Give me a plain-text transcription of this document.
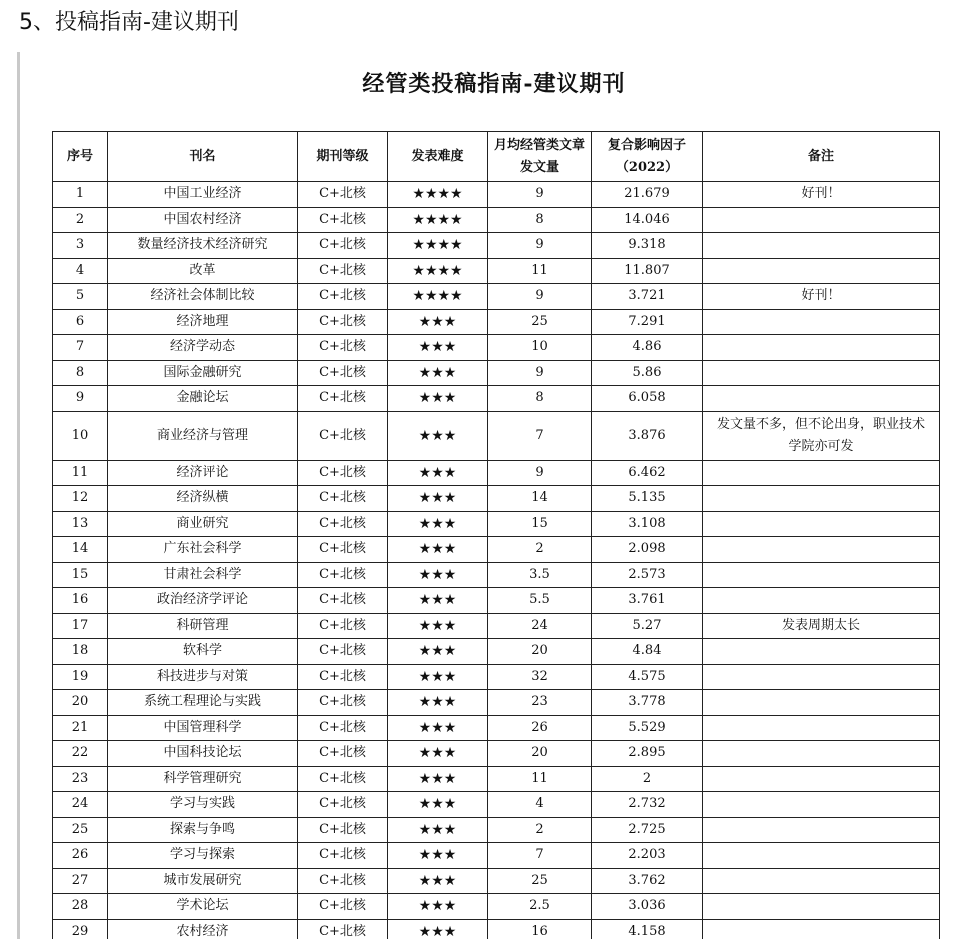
5、投稿指南-建议期刊
经管类投稿指南-建议期刊
序号	刊名	期刊等级	发表难度	月均经管类文章发文量	复合影响因子（2022）	备注
1	中国工业经济	C+北核	★★★★	9	21.679	好刊！
2	中国农村经济	C+北核	★★★★	8	14.046	
3	数量经济技术经济研究	C+北核	★★★★	9	9.318	
4	改革	C+北核	★★★★	11	11.807	
5	经济社会体制比较	C+北核	★★★★	9	3.721	好刊！
6	经济地理	C+北核	★★★	25	7.291	
7	经济学动态	C+北核	★★★	10	4.86	
8	国际金融研究	C+北核	★★★	9	5.86	
9	金融论坛	C+北核	★★★	8	6.058	
10	商业经济与管理	C+北核	★★★	7	3.876	发文量不多，但不论出身，职业技术学院亦可发
11	经济评论	C+北核	★★★	9	6.462	
12	经济纵横	C+北核	★★★	14	5.135	
13	商业研究	C+北核	★★★	15	3.108	
14	广东社会科学	C+北核	★★★	2	2.098	
15	甘肃社会科学	C+北核	★★★	3.5	2.573	
16	政治经济学评论	C+北核	★★★	5.5	3.761	
17	科研管理	C+北核	★★★	24	5.27	发表周期太长
18	软科学	C+北核	★★★	20	4.84	
19	科技进步与对策	C+北核	★★★	32	4.575	
20	系统工程理论与实践	C+北核	★★★	23	3.778	
21	中国管理科学	C+北核	★★★	26	5.529	
22	中国科技论坛	C+北核	★★★	20	2.895	
23	科学管理研究	C+北核	★★★	11	2	
24	学习与实践	C+北核	★★★	4	2.732	
25	探索与争鸣	C+北核	★★★	2	2.725	
26	学习与探索	C+北核	★★★	7	2.203	
27	城市发展研究	C+北核	★★★	25	3.762	
28	学术论坛	C+北核	★★★	2.5	3.036	
29	农村经济	C+北核	★★★	16	4.158	
